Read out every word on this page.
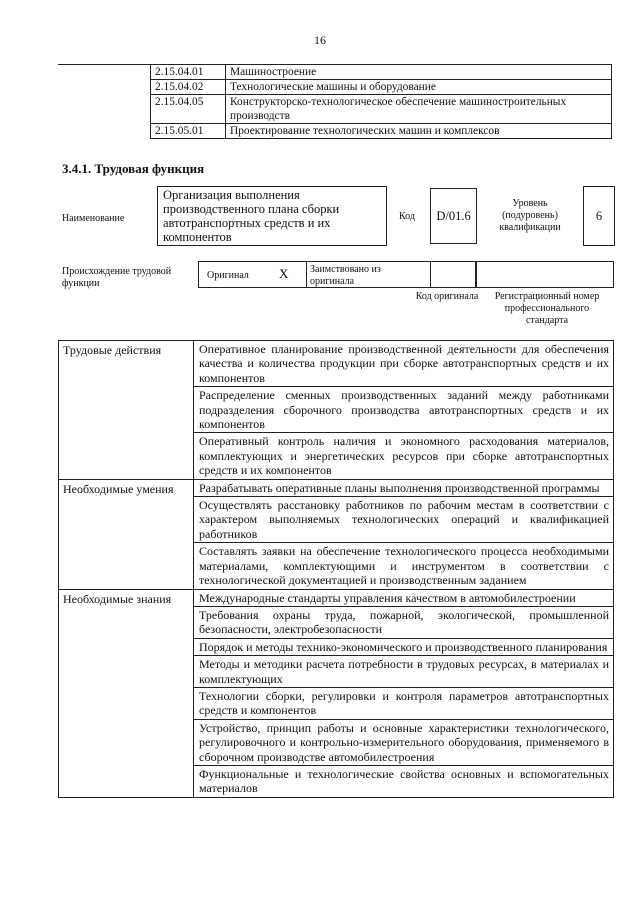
16
	2.15.04.01	Машиностроение
	2.15.04.02	Технологические машины и оборудование
	2.15.04.05	Конструкторско-технологическое обеспечение машиностроительных производств
	2.15.05.01	Проектирование технологических машин и комплексов
3.4.1. Трудовая функция
Наименование
Организация выполнения производственного плана сборки автотранспортных средств и их компонентов
Код	D/01.6
Уровень (подуровень) квалификации
6
Происхождение трудовой функции
Оригинал X	Заимствовано из оригинала
Код оригинала	Регистрационный номер профессионального стандарта
Трудовые действия	Оперативное планирование производственной деятельности для обеспечения качества и количества продукции при сборке автотранспортных средств и их компонентов
	Распределение сменных производственных заданий между работниками подразделения сборочного производства автотранспортных средств и их компонентов
	Оперативный контроль наличия и экономного расходования материалов, комплектующих и энергетических ресурсов при сборке автотранспортных средств и их компонентов
Необходимые умения	Разрабатывать оперативные планы выполнения производственной программы
	Осуществлять расстановку работников по рабочим местам в соответствии с характером выполняемых технологических операций и квалификацией работников
	Составлять заявки на обеспечение технологического процесса необходимыми материалами, комплектующими и инструментом в соответствии с технологической документацией и производственным заданием
Необходимые знания	Международные стандарты управления качеством в автомобилестроении
	Требования охраны труда, пожарной, экологической, промышленной безопасности, электробезопасности
	Порядок и методы технико-экономического и производственного планирования
	Методы и методики расчета потребности в трудовых ресурсах, в материалах и комплектующих
	Технологии сборки, регулировки и контроля параметров автотранспортных средств и компонентов
	Устройство, принцип работы и основные характеристики технологического, регулировочного и контрольно-измерительного оборудования, применяемого в сборочном производстве автомобилестроения
	Функциональные и технологические свойства основных и вспомогательных материалов
